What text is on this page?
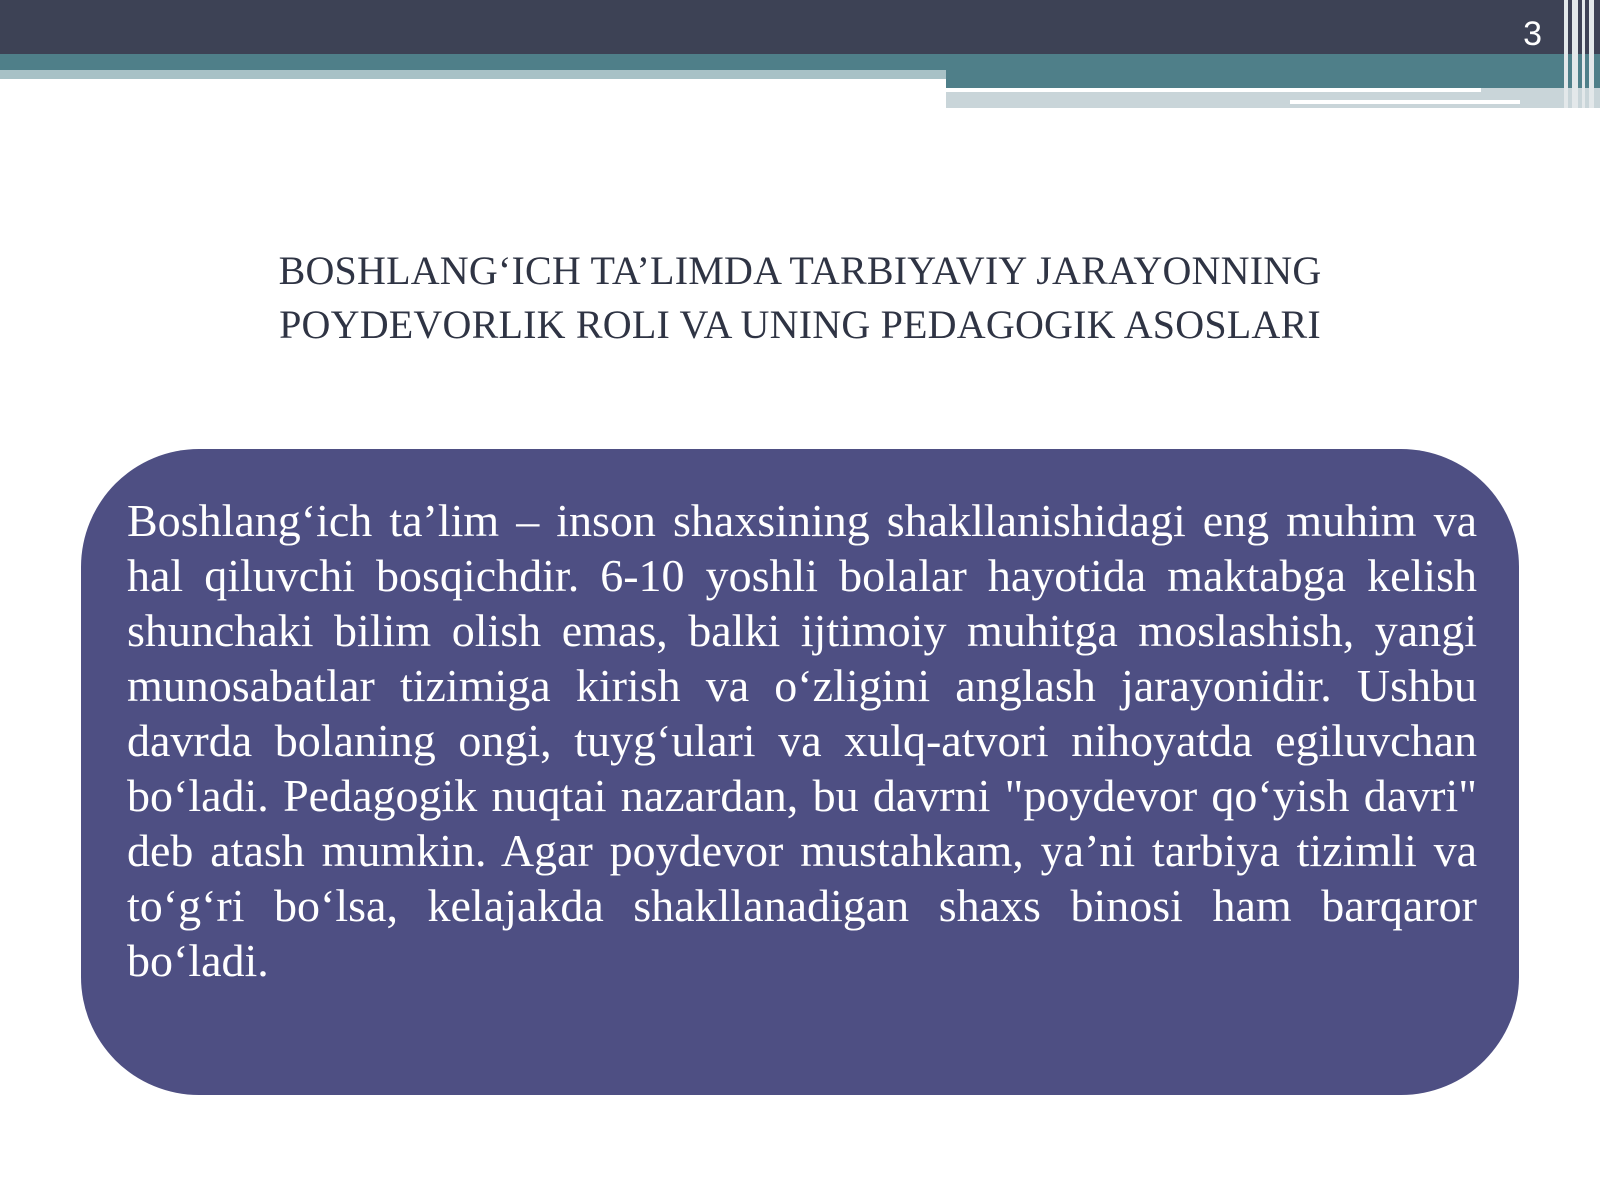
3
BOSHLANG‘ICH TA’LIMDA TARBIYAVIY JARAYONNING
POYDEVORLIK ROLI VA UNING PEDAGOGIK ASOSLARI
Boshlang‘ich ta’lim – inson shaxsining shakllanishidagi eng muhim va hal qiluvchi bosqichdir. 6-10 yoshli bolalar hayotida maktabga kelish shunchaki bilim olish emas, balki ijtimoiy muhitga moslashish, yangi munosabatlar tizimiga kirish va o‘zligini anglash jarayonidir. Ushbu davrda bolaning ongi, tuyg‘ulari va xulq-atvori nihoyatda egiluvchan bo‘ladi. Pedagogik nuqtai nazardan, bu davrni "poydevor qo‘yish davri" deb atash mumkin. Agar poydevor mustahkam, ya’ni tarbiya tizimli va to‘g‘ri bo‘lsa, kelajakda shakllanadigan shaxs binosi ham barqaror bo‘ladi.
